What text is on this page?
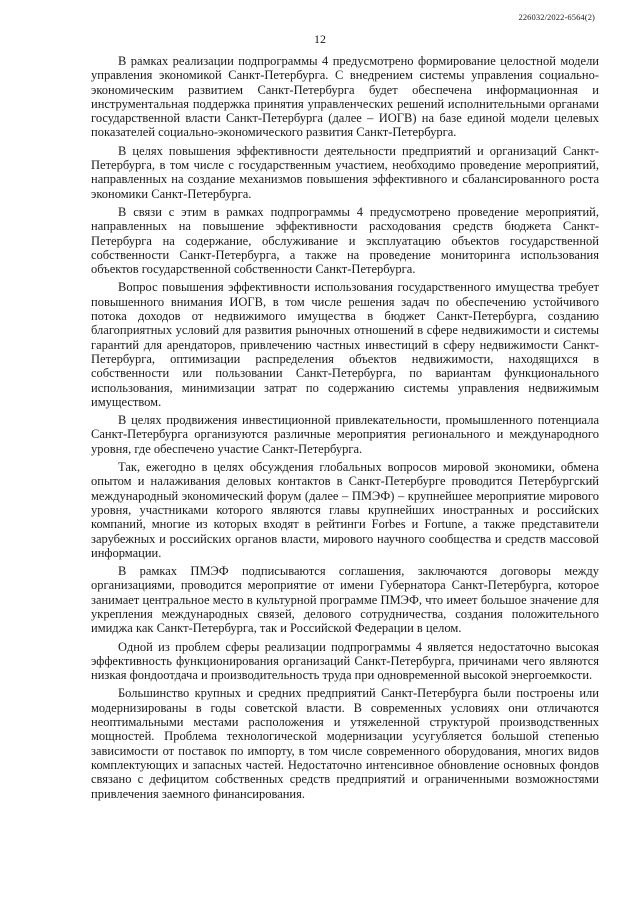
226032/2022-6564(2)
12

В рамках реализации подпрограммы 4 предусмотрено формирование целостной модели управления экономикой Санкт-Петербурга. С внедрением системы управления социально-экономическим развитием Санкт-Петербурга будет обеспечена информационная и инструментальная поддержка принятия управленческих решений исполнительными органами государственной власти Санкт-Петербурга (далее – ИОГВ) на базе единой модели целевых показателей социально-экономического развития Санкт-Петербурга.

В целях повышения эффективности деятельности предприятий и организаций Санкт-Петербурга, в том числе с государственным участием, необходимо проведение мероприятий, направленных на создание механизмов повышения эффективного и сбалансированного роста экономики Санкт-Петербурга.

В связи с этим в рамках подпрограммы 4 предусмотрено проведение мероприятий, направленных на повышение эффективности расходования средств бюджета Санкт-Петербурга на содержание, обслуживание и эксплуатацию объектов государственной собственности Санкт-Петербурга, а также на проведение мониторинга использования объектов государственной собственности Санкт-Петербурга.

Вопрос повышения эффективности использования государственного имущества требует повышенного внимания ИОГВ, в том числе решения задач по обеспечению устойчивого потока доходов от недвижимого имущества в бюджет Санкт-Петербурга, созданию благоприятных условий для развития рыночных отношений в сфере недвижимости и системы гарантий для арендаторов, привлечению частных инвестиций в сферу недвижимости Санкт-Петербурга, оптимизации распределения объектов недвижимости, находящихся в собственности или пользовании Санкт-Петербурга, по вариантам функционального использования, минимизации затрат по содержанию системы управления недвижимым имуществом.

В целях продвижения инвестиционной привлекательности, промышленного потенциала Санкт-Петербурга организуются различные мероприятия регионального и международного уровня, где обеспечено участие Санкт-Петербурга.

Так, ежегодно в целях обсуждения глобальных вопросов мировой экономики, обмена опытом и налаживания деловых контактов в Санкт-Петербурге проводится Петербургский международный экономический форум (далее – ПМЭФ) – крупнейшее мероприятие мирового уровня, участниками которого являются главы крупнейших иностранных и российских компаний, многие из которых входят в рейтинги Forbes и Fortune, а также представители зарубежных и российских органов власти, мирового научного сообщества и средств массовой информации.

В рамках ПМЭФ подписываются соглашения, заключаются договоры между организациями, проводится мероприятие от имени Губернатора Санкт-Петербурга, которое занимает центральное место в культурной программе ПМЭФ, что имеет большое значение для укрепления международных связей, делового сотрудничества, создания положительного имиджа как Санкт-Петербурга, так и Российской Федерации в целом.

Одной из проблем сферы реализации подпрограммы 4 является недостаточно высокая эффективность функционирования организаций Санкт-Петербурга, причинами чего являются низкая фондоотдача и производительность труда при одновременной высокой энергоемкости.

Большинство крупных и средних предприятий Санкт-Петербурга были построены или модернизированы в годы советской власти. В современных условиях они отличаются неоптимальными местами расположения и утяжеленной структурой производственных мощностей. Проблема технологической модернизации усугубляется большой степенью зависимости от поставок по импорту, в том числе современного оборудования, многих видов комплектующих и запасных частей. Недостаточно интенсивное обновление основных фондов связано с дефицитом собственных средств предприятий и ограниченными возможностями привлечения заемного финансирования.
